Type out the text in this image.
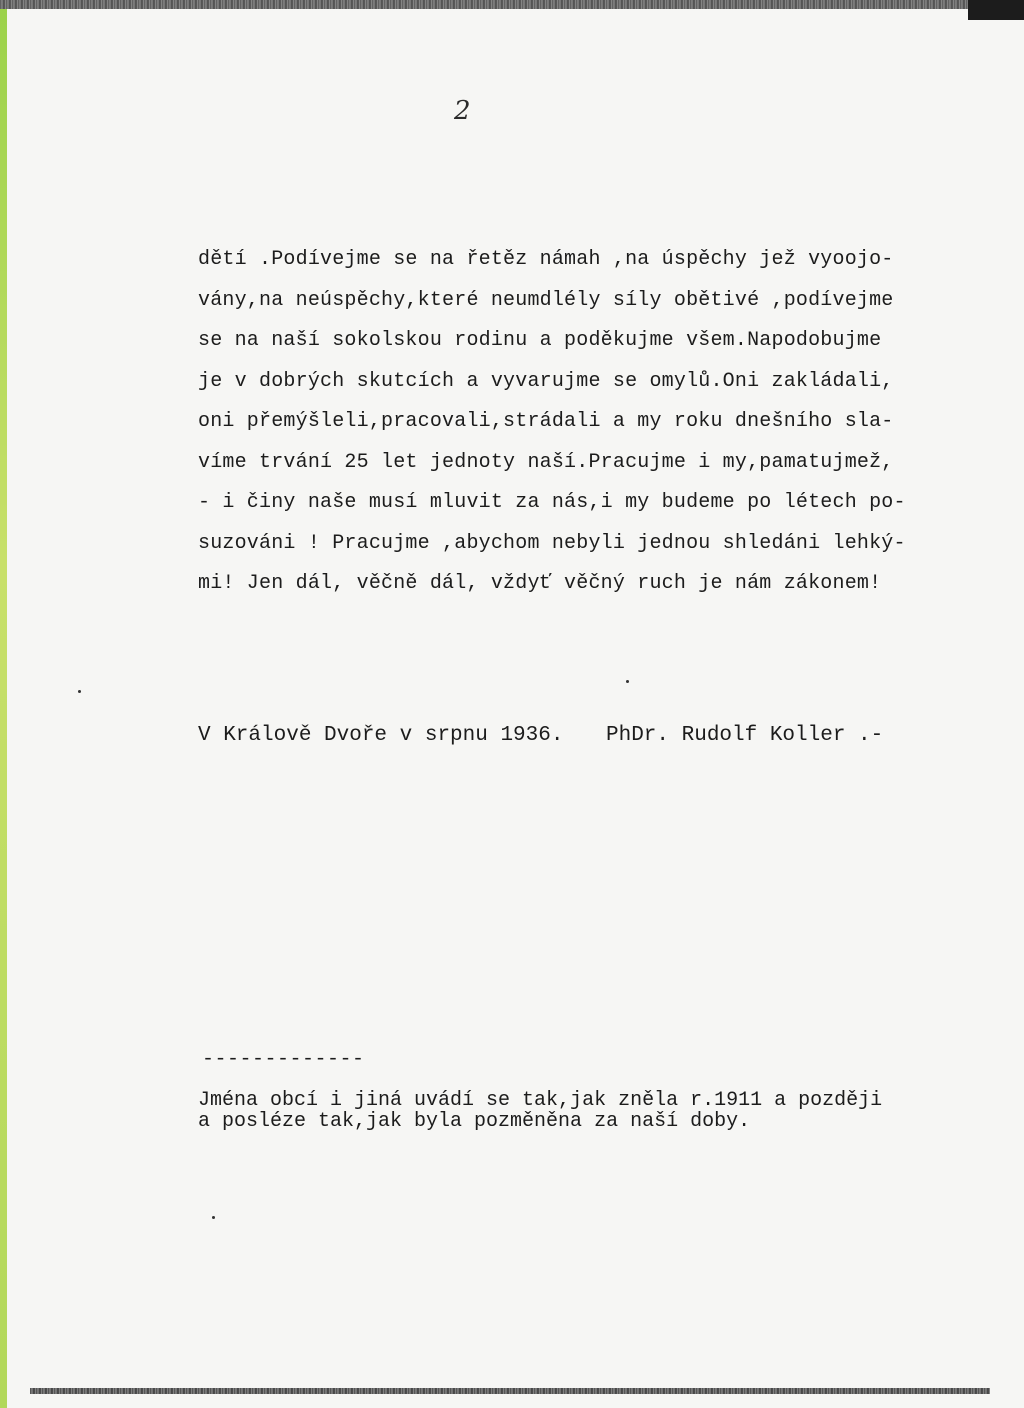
2
dětí .Podívejme se na řetěz námah ,na úspěchy jež vyoojo-
vány,na neúspěchy,které neumdlély síly obětivé ,podívejme
se na naší sokolskou rodinu a poděkujme všem.Napodobujme
je v dobrých skutcích a vyvarujme se omylů.Oni zakládali,
oni přemýšleli,pracovali,strádali a my roku dnešního sla-
víme trvání 25 let jednoty naší.Pracujme i my,pamatujmež,
- i činy naše musí mluvit za nás,i my budeme po létech po-
suzováni ! Pracujme ,abychom nebyli jednou shledáni lehký-
mi! Jen dál, věčně dál, vždyť věčný ruch je nám zákonem!

V Králově Dvoře v srpnu 1936.

PhDr. Rudolf Koller .-

-------------
Jména obcí i jiná uvádí se tak,jak zněla r.1911 a později
a posléze tak,jak byla pozměněna za naší doby.
